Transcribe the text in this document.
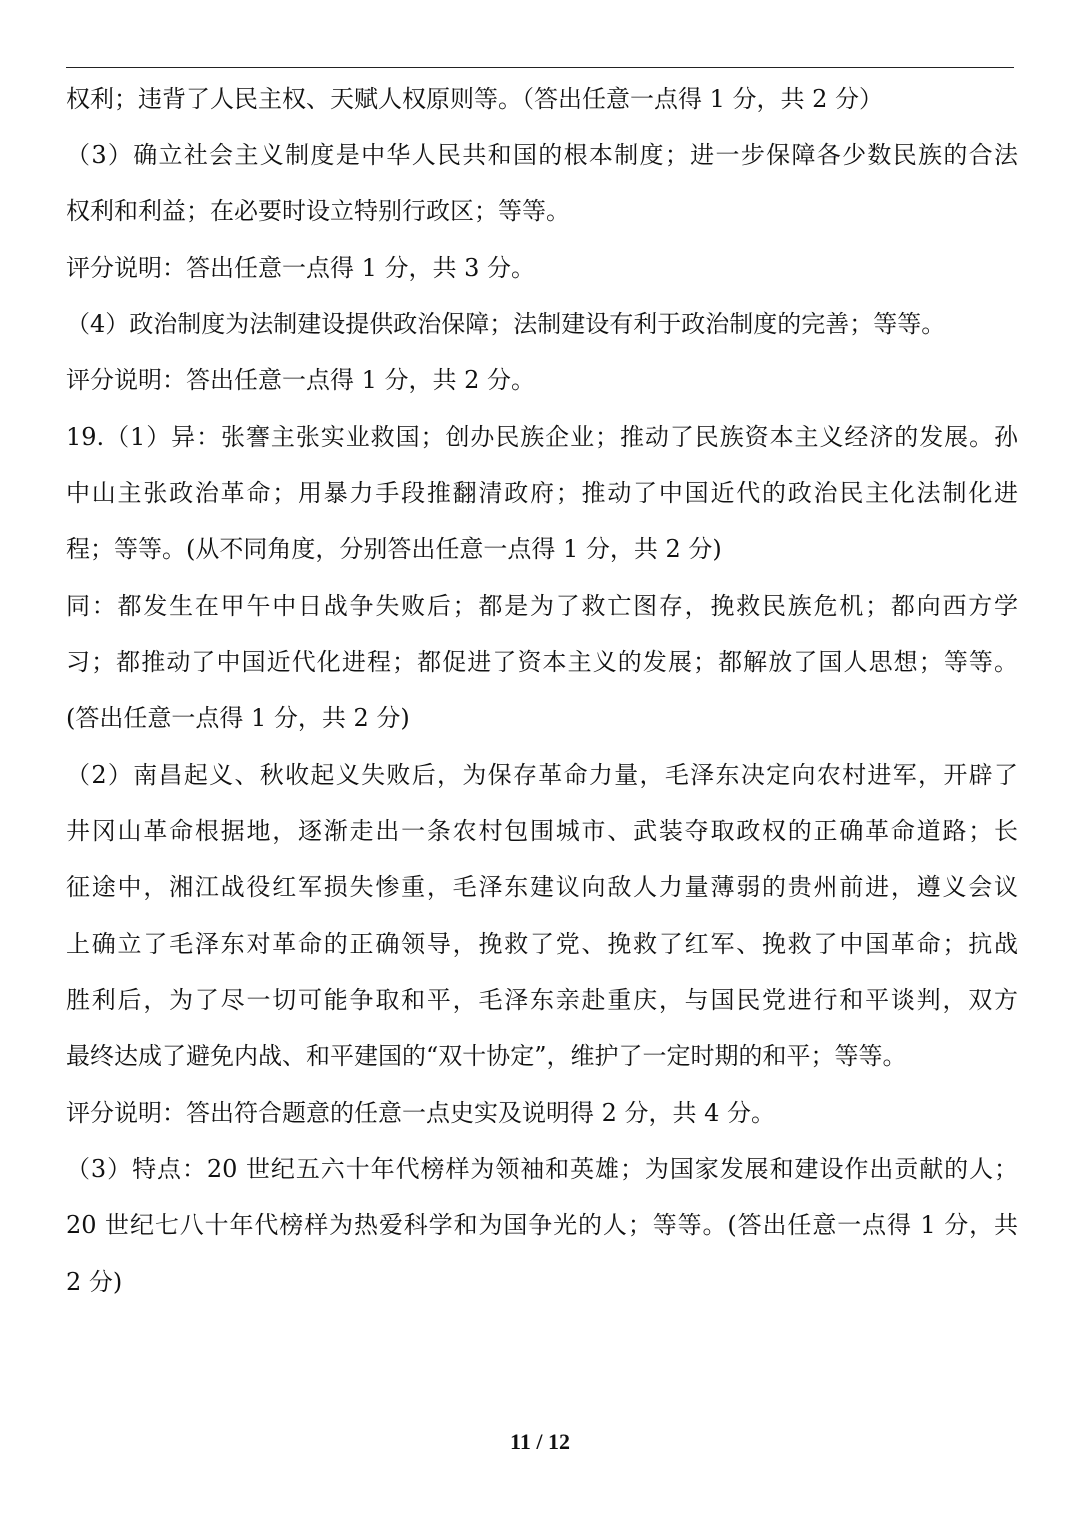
权利；违背了人民主权、天赋人权原则等。（答出任意一点得 1 分，共 2 分）
（3）确立社会主义制度是中华人民共和国的根本制度；进一步保障各少数民族的合法
权利和利益；在必要时设立特别行政区；等等。
评分说明：答出任意一点得 1 分，共 3 分。
（4）政治制度为法制建设提供政治保障；法制建设有利于政治制度的完善；等等。
评分说明：答出任意一点得 1 分，共 2 分。
19.（1）异：张謇主张实业救国；创办民族企业；推动了民族资本主义经济的发展。孙
中山主张政治革命；用暴力手段推翻清政府；推动了中国近代的政治民主化法制化进
程；等等。(从不同角度，分别答出任意一点得 1 分，共 2 分)
同：都发生在甲午中日战争失败后；都是为了救亡图存，挽救民族危机；都向西方学
习；都推动了中国近代化进程；都促进了资本主义的发展；都解放了国人思想；等等。
(答出任意一点得 1 分，共 2 分)
（2）南昌起义、秋收起义失败后，为保存革命力量，毛泽东决定向农村进军，开辟了
井冈山革命根据地，逐渐走出一条农村包围城市、武装夺取政权的正确革命道路；长
征途中，湘江战役红军损失惨重，毛泽东建议向敌人力量薄弱的贵州前进，遵义会议
上确立了毛泽东对革命的正确领导，挽救了党、挽救了红军、挽救了中国革命；抗战
胜利后，为了尽一切可能争取和平，毛泽东亲赴重庆，与国民党进行和平谈判，双方
最终达成了避免内战、和平建国的“双十协定”，维护了一定时期的和平；等等。
评分说明：答出符合题意的任意一点史实及说明得 2 分，共 4 分。
（3）特点：20 世纪五六十年代榜样为领袖和英雄；为国家发展和建设作出贡献的人；
20 世纪七八十年代榜样为热爱科学和为国争光的人；等等。(答出任意一点得 1 分，共
2 分)
11 / 12
